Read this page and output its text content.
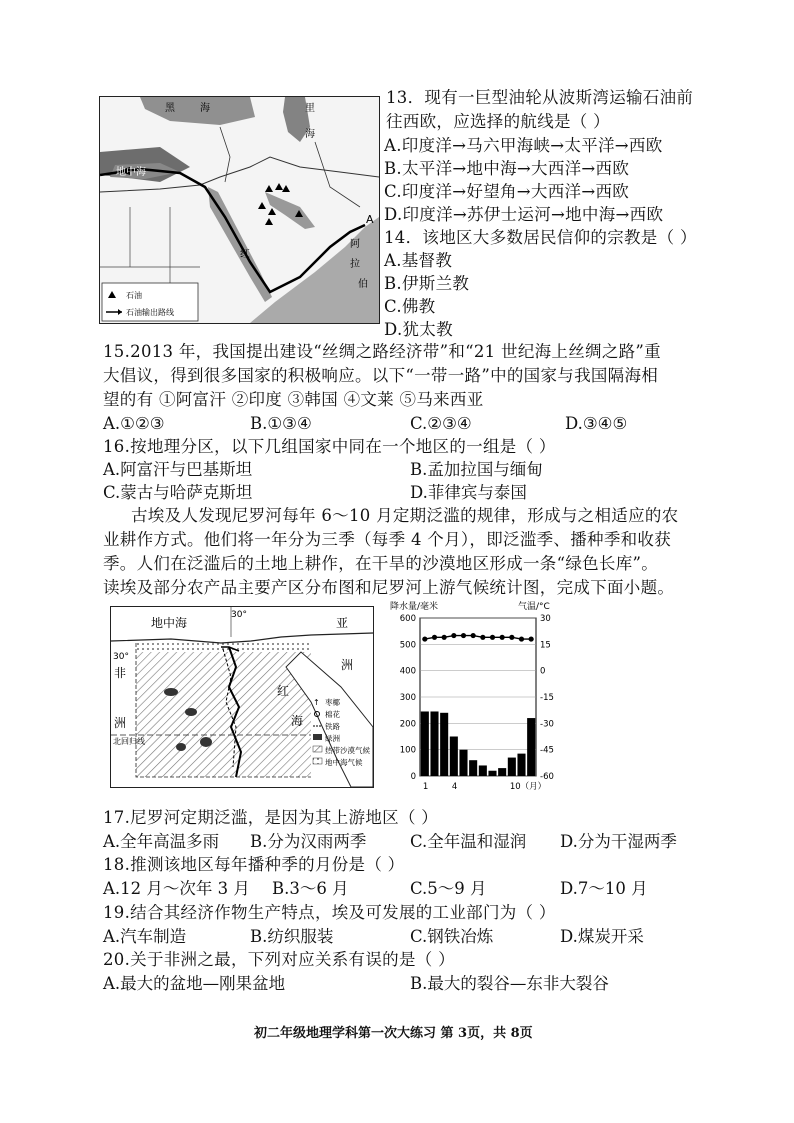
黑	海	里
海
地中海
红
阿
拉
伯
A
石油
石油输出路线
13．现有一巨型油轮从波斯湾运输石油前
往西欧，应选择的航线是（ ）
A.印度洋→马六甲海峡→太平洋→西欧
B.太平洋→地中海→大西洋→西欧
C.印度洋→好望角→大西洋→西欧
D.印度洋→苏伊士运河→地中海→西欧
14．该地区大多数居民信仰的宗教是（ ）
A.基督教
B.伊斯兰教
C.佛教
D.犹太教
15.2013 年，我国提出建设“丝绸之路经济带”和“21 世纪海上丝绸之路”重
大倡议，得到很多国家的积极响应。以下“一带一路”中的国家与我国隔海相
望的有 ①阿富汗 ②印度 ③韩国 ④文莱 ⑤马来西亚
A.①②③	B.①③④	C.②③④	D.③④⑤
16.按地理分区，以下几组国家中同在一个地区的一组是（ ）
A.阿富汗与巴基斯坦	B.孟加拉国与缅甸
C.蒙古与哈萨克斯坦	D.菲律宾与泰国
古埃及人发现尼罗河每年 6～10 月定期泛滥的规律，形成与之相适应的农
业耕作方式。他们将一年分为三季（每季 4 个月），即泛滥季、播种季和收获
季。人们在泛滥后的土地上耕作，在干旱的沙漠地区形成一条“绿色长库”。
读埃及部分农产品主要产区分布图和尼罗河上游气候统计图，完成下面小题。
30°
30°
地中海	亚
洲
非
洲
红
海
北回归线
↑ 枣椰
棉花
铁路
绿洲
热带沙漠气候
地中海气候
降水量/毫米	气温/°C
0
100
200
300
400
500
600	30
15
0
-15
-30
-45
-60
1	4	10（月）
17.尼罗河定期泛滥，是因为其上游地区（ ）
A.全年高温多雨 B.分为汉雨两季	C.全年温和湿润 D.分为干湿两季
18.推测该地区每年播种季的月份是（ ）
A.12 月～次年 3 月 B.3～6 月	C.5～9 月	D.7～10 月
19.结合其经济作物生产特点，埃及可发展的工业部门为（ ）
A.汽车制造	B.纺织服装	C.钢铁冶炼	D.煤炭开采
20.关于非洲之最，下列对应关系有误的是（ ）
A.最大的盆地—刚果盆地	B.最大的裂谷—东非大裂谷
初二年级地理学科第一次大练习 第 3页，共 8页
